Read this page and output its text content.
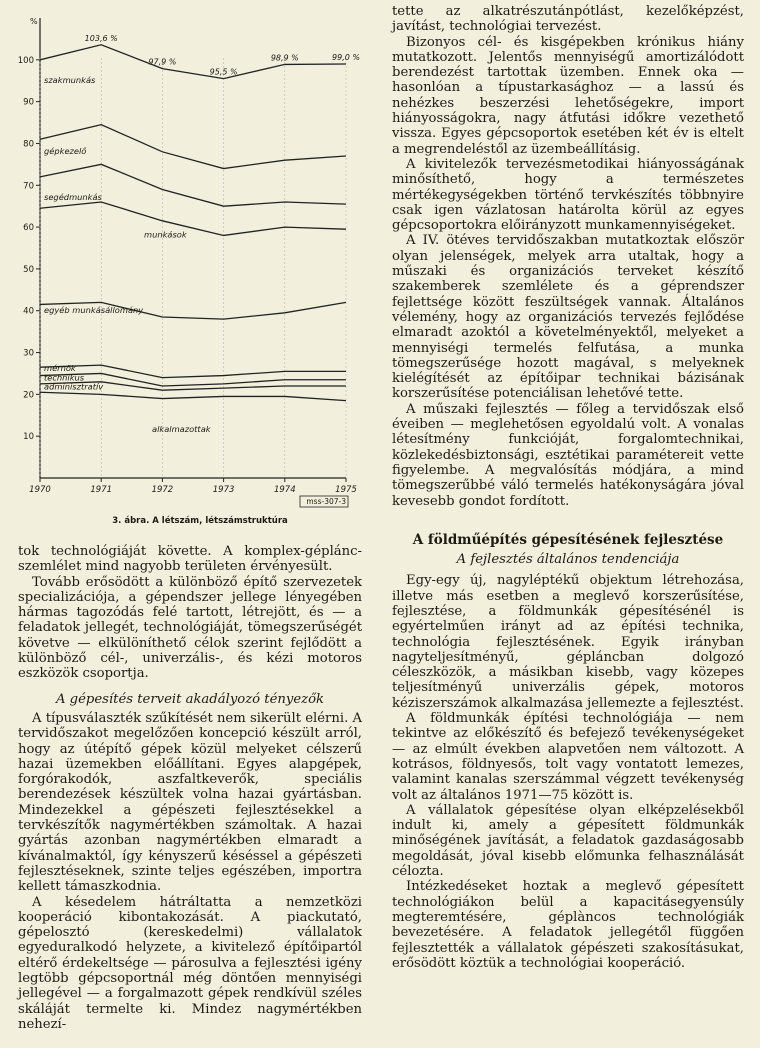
%
10
20
30
40
50
60
70
80
90
100
1970	1971	1972	1973	1974	1975
103,6 %
97,9 %
95,5 %
98,9 %	99,0 %
szakmunkás
gépkezelő
segédmunkás
munkások
egyéb munkásállomány
mérnök
technikus
adminisztratív
alkalmazottak
mss-307-3
3. ábra. A létszám, létszámstruktúra

tok technológiáját követte. A komplex-gépláncszemlélet mind nagyobb területen érvényesült.

Tovább erősödött a különböző építő szervezetek specializációja, a gépendszer jellege lényegében hármas tagozódás felé tartott, létrejött, és — a feladatok jellegét, technológiáját, tömegszerűségét követve — elkülöníthető célok szerint fejlődött a különböző cél-, univerzális-, és kézi motoros eszközök csoportja.

A gépesítés terveit akadályozó tényezők

A típusválaszték szűkítését nem sikerült elérni. A tervidőszakot megelőzően koncepció készült arról, hogy az útépítő gépek közül melyeket célszerű hazai üzemekben előállítani. Egyes alapgépek, forgórakodók, aszfaltkeverők, speciális berendezések készültek volna hazai gyártásban. Mindezekkel a gépészeti fejlesztésekkel a tervkészítők nagymértékben számoltak. A hazai gyártás azonban nagymértékben elmaradt a kívánalmaktól, így kényszerű késéssel a gépészeti fejlesztéseknek, szinte teljes egészében, importra kellett támaszkodnia.

A késedelem hátráltatta a nemzetközi kooperáció kibontakozását. A piackutató, gépelosztó (kereskedelmi) vállalatok egyeduralkodó helyzete, a kivitelező építőipartól eltérő érdekeltsége — párosulva a fejlesztési igény legtöbb gépcsoportnál még döntően mennyiségi jellegével — a forgalmazott gépek rendkívül széles skáláját termelte ki. Mindez nagymértékben nehezí-

tette az alkatrészutánpótlást, kezelőképzést, javítást, technológiai tervezést.

Bizonyos cél- és kisgépekben krónikus hiány mutatkozott. Jelentős mennyiségű amortizálódott berendezést tartottak üzemben. Ennek oka — hasonlóan a típustarkasághoz — a lassú és nehézkes beszerzési lehetőségekre, import hiányosságokra, nagy átfutási időkre vezethető vissza. Egyes gépcsoportok esetében két év is eltelt a megrendeléstől az üzembeállításig.

A kivitelezők tervezésmetodikai hiányosságának minősíthető, hogy a természetes mértékegységekben történő tervkészítés többnyire csak igen vázlatosan határolta körül az egyes gépcsoportokra előirányzott munkamennyiségeket.

A IV. ötéves tervidőszakban mutatkoztak először olyan jelenségek, melyek arra utaltak, hogy a műszaki és organizációs terveket készítő szakemberek szemlélete és a géprendszer fejlettsége között feszültségek vannak. Általános vélemény, hogy az organizációs tervezés fejlődése elmaradt azoktól a követelményektől, melyeket a mennyiségi termelés felfutása, a munka tömegszerűsége hozott magával, s melyeknek kielégítését az építőipar technikai bázisának korszerűsítése potenciálisan lehetővé tette.

A műszaki fejlesztés — főleg a tervidőszak első éveiben — meglehetősen egyoldalú volt. A vonalas létesítmény funkcióját, forgalomtechnikai, közlekedésbiztonsági, esztétikai paramétereit vette figyelembe. A megvalósítás módjára, a mind tömegszerűbbé váló termelés hatékonyságára jóval kevesebb gondot fordított.

A földműépítés gépesítésének fejlesztése
A fejlesztés általános tendenciája

Egy-egy új, nagyléptékű objektum létrehozása, illetve más esetben a meglevő korszerűsítése, fejlesztése, a földmunkák gépesítésénél is egyértelműen irányt ad az építési technika, technológia fejlesztésének. Egyik irányban nagyteljesítményű, gépláncban dolgozó céleszközök, a másikban kisebb, vagy közepes teljesítményű univerzális gépek, motoros kéziszerszámok alkalmazása jellemezte a fejlesztést.

A földmunkák építési technológiája — nem tekintve az előkészítő és befejező tevékenységeket — az elmúlt években alapvetően nem változott. A kotrásos, földnyesős, tolt vagy vontatott lemezes, valamint kanalas szerszámmal végzett tevékenység volt az általános 1971—75 között is.

A vállalatok gépesítése olyan elképzelésekből indult ki, amely a gépesített földmunkák minőségének javítását, a feladatok gazdaságosabb megoldását, jóval kisebb előmunka felhasználását célozta.

Intézkedéseket hoztak a meglevő gépesített technológiákon belül a kapacitásegyensúly megteremtésére, géplàncos technológiák bevezetésére. A feladatok jellegétől függően fejlesztették a vállalatok gépészeti szakosításukat, erősödött köztük a technológiai kooperáció.
